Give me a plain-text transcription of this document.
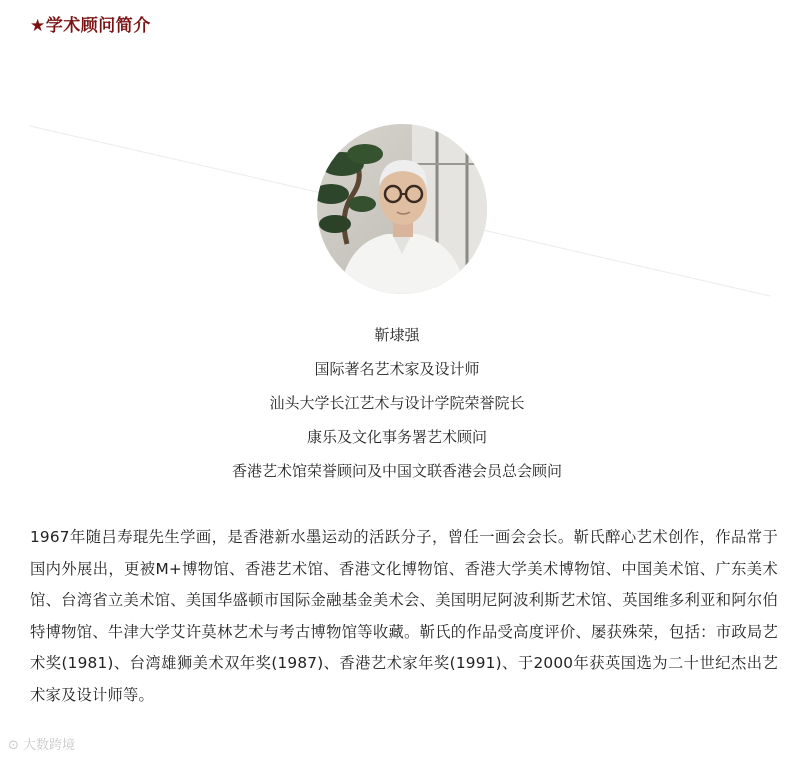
★学术顾问简介
靳埭强
国际著名艺术家及设计师
汕头大学长江艺术与设计学院荣誉院长
康乐及文化事务署艺术顾问
香港艺术馆荣誉顾问及中国文联香港会员总会顾问
1967年随吕寿琨先生学画，是香港新水墨运动的活跃分子，曾任一画会会长。靳氏醉心艺术创作，作品常于国内外展出，更被M+博物馆、香港艺术馆、香港文化博物馆、香港大学美术博物馆、中国美术馆、广东美术馆、台湾省立美术馆、美国华盛顿市国际金融基金美术会、美国明尼阿波利斯艺术馆、英国维多利亚和阿尔伯特博物馆、牛津大学艾许莫林艺术与考古博物馆等收藏。靳氏的作品受高度评价、屡获殊荣，包括：市政局艺术奖(1981)、台湾雄狮美术双年奖(1987)、香港艺术家年奖(1991)、于2000年获英国选为二十世纪杰出艺术家及设计师等。
⊙ 大数跨境
